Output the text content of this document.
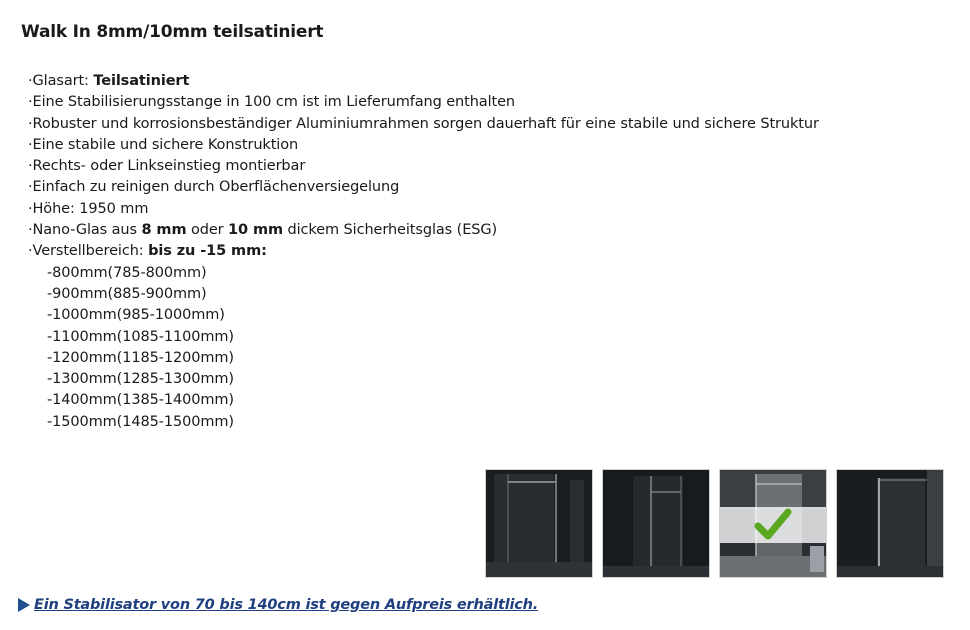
Walk In 8mm/10mm teilsatiniert
·Glasart: Teilsatiniert
·Eine Stabilisierungsstange in 100 cm ist im Lieferumfang enthalten
·Robuster und korrosionsbeständiger Aluminiumrahmen sorgen dauerhaft für eine stabile und sichere Struktur
·Eine stabile und sichere Konstruktion
·Rechts- oder Linkseinstieg montierbar
·Einfach zu reinigen durch Oberflächenversiegelung
·Höhe: 1950 mm
·Nano-Glas aus 8 mm oder 10 mm dickem Sicherheitsglas (ESG)
·Verstellbereich: bis zu -15 mm:
-800mm(785-800mm)
-900mm(885-900mm)
-1000mm(985-1000mm)
-1100mm(1085-1100mm)
-1200mm(1185-1200mm)
-1300mm(1285-1300mm)
-1400mm(1385-1400mm)
-1500mm(1485-1500mm)
Ein Stabilisator von 70 bis 140cm ist gegen Aufpreis erhältlich.
